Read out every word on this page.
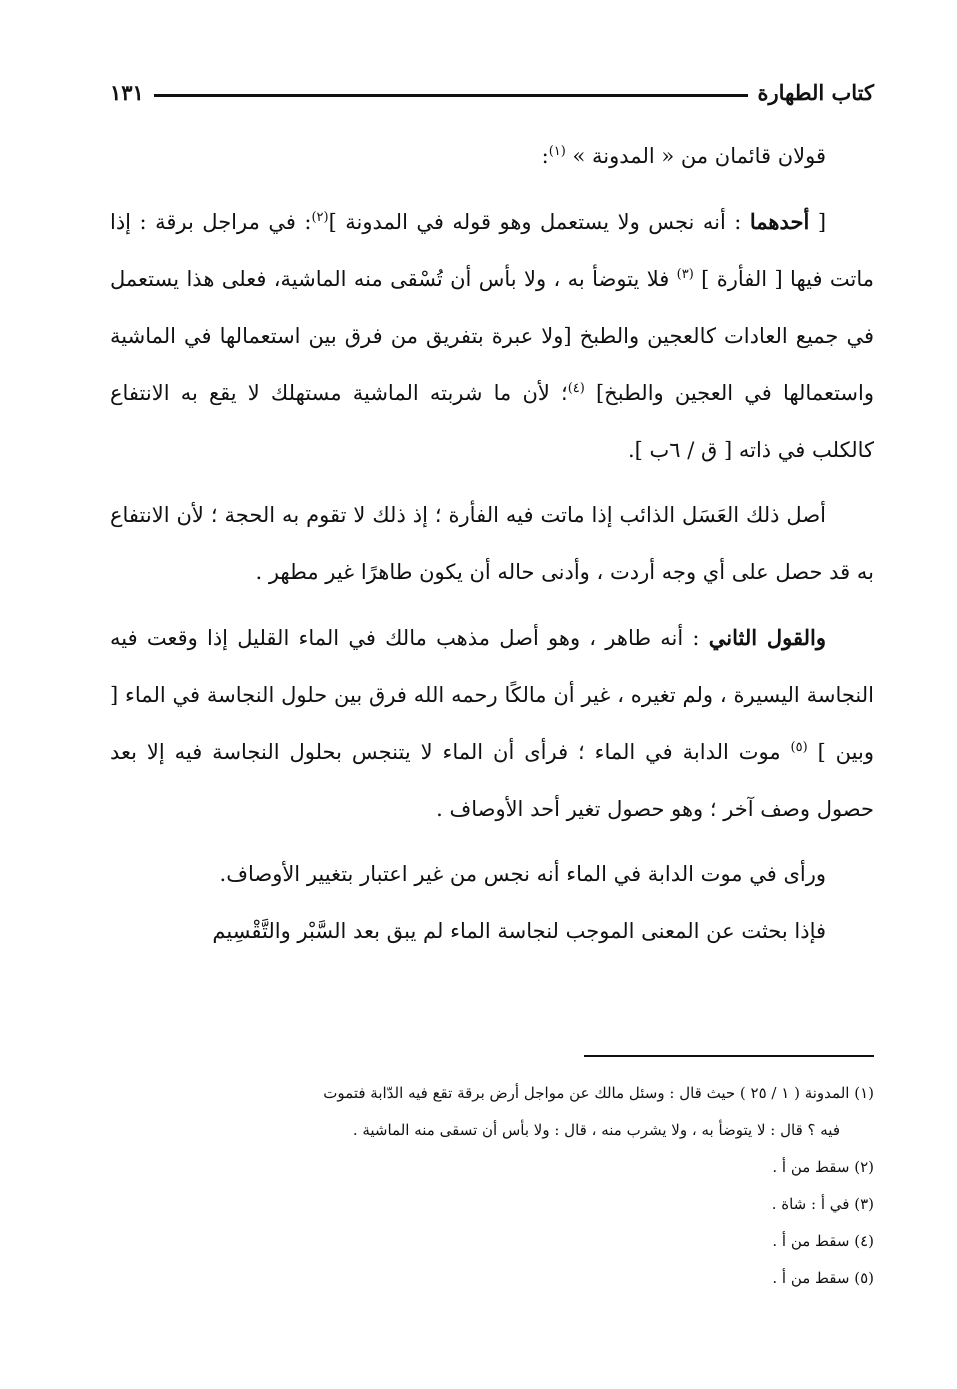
كتاب الطهارة
١٣١

قولان قائمان من « المدونة » $^{(١)}$:

[ أحدهما : أنه نجس ولا يستعمل وهو قوله في المدونة ]$^{(٢)}$: في مراجل برقة : إذا ماتت فيها [ الفأرة ] $^{(٣)}$ فلا يتوضأ به ، ولا بأس أن تُسْقى منه الماشية، فعلى هذا يستعمل في جميع العادات كالعجين والطبخ [ولا عبرة بتفريق من فرق بين استعمالها في الماشية واستعمالها في العجين والطبخ] $^{(٤)}$؛ لأن ما شربته الماشية مستهلك لا يقع به الانتفاع كالكلب في ذاته [ ق / ٦ب ].

أصل ذلك العَسَل الذائب إذا ماتت فيه الفأرة ؛ إذ ذلك لا تقوم به الحجة ؛ لأن الانتفاع به قد حصل على أي وجه أردت ، وأدنى حاله أن يكون طاهرًا غير مطهر .

والقول الثاني : أنه طاهر ، وهو أصل مذهب مالك في الماء القليل إذا وقعت فيه النجاسة اليسيرة ، ولم تغيره ، غير أن مالكًا رحمه الله فرق بين حلول النجاسة في الماء [ وبين ] $^{(٥)}$ موت الدابة في الماء ؛ فرأى أن الماء لا يتنجس بحلول النجاسة فيه إلا بعد حصول وصف آخر ؛ وهو حصول تغير أحد الأوصاف .

ورأى في موت الدابة في الماء أنه نجس من غير اعتبار بتغيير الأوصاف.

فإذا بحثت عن المعنى الموجب لنجاسة الماء لم يبق بعد السَّبْر والتَّقْسِيم

(١) المدونة ( ١ / ٢٥ ) حيث قال : وسئل مالك عن مواجل أرض برقة تقع فيه الدّابة فتموت

فيه ؟ قال : لا يتوضأ به ، ولا يشرب منه ، قال : ولا بأس أن تسقى منه الماشية .

(٢) سقط من أ .

(٣) في أ : شاة .

(٤) سقط من أ .

(٥) سقط من أ .
